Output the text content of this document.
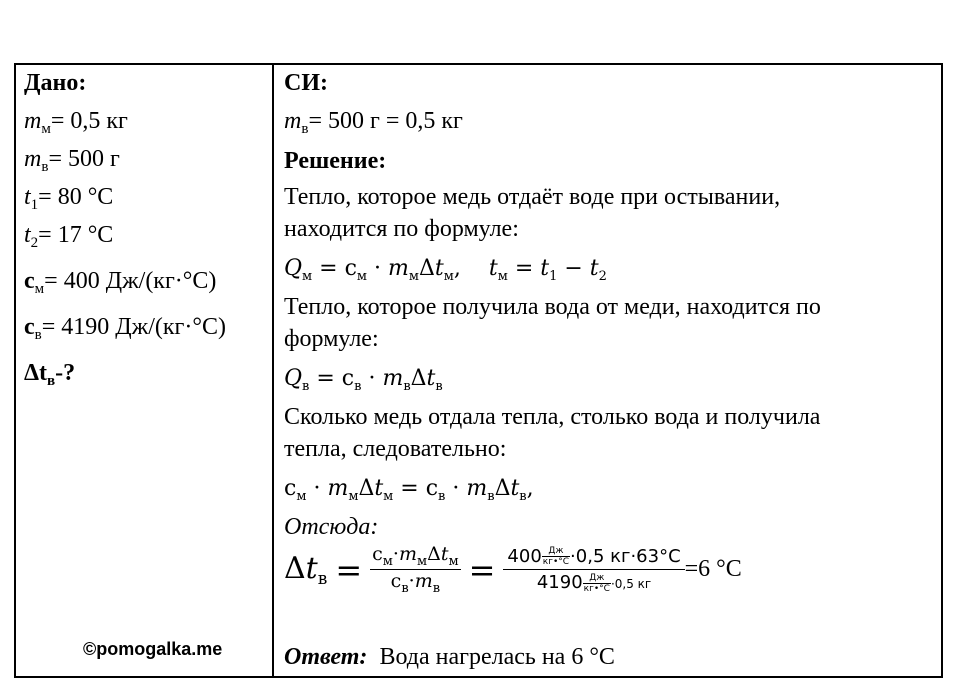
Дано:
$m_м= 0,5$ кг
$m_в= 500$ г
$t_1= 80$ °С
$t_2= 17$ °С
$c_м= 400$ Дж/(кг·°С)
$c_в= 4190$ Дж/(кг·°С)
$\Delta t_в-$?
©pomogalka.me
СИ:
$m_в= 500$ г = 0,5 кг
Решение:
Тепло, которое медь отдаёт воде при остывании,
находится по формуле:
$Q_м = c_м \cdot m_м\Delta t_м$,    $t_м = t_1 - t_2$
Тепло, которое получила вода от меди, находится по
формуле:
$Q_в = c_в \cdot m_в\Delta t_в$
Сколько медь отдала тепла, столько вода и получила
тепла, следовательно:
$c_м \cdot m_м\Delta t_м = c_в \cdot m_в\Delta t_в$,
Отсюда:
$\Delta t_в = \frac{c_м\cdot m_м\Delta t_м}{c_в\cdot m_в} = 400$ Дж
кг•°С ·0,5 кг·63°С
4190 Дж
кг•°С ·0,5 кг =6 °С
Ответ: Вода нагрелась на 6 °С
